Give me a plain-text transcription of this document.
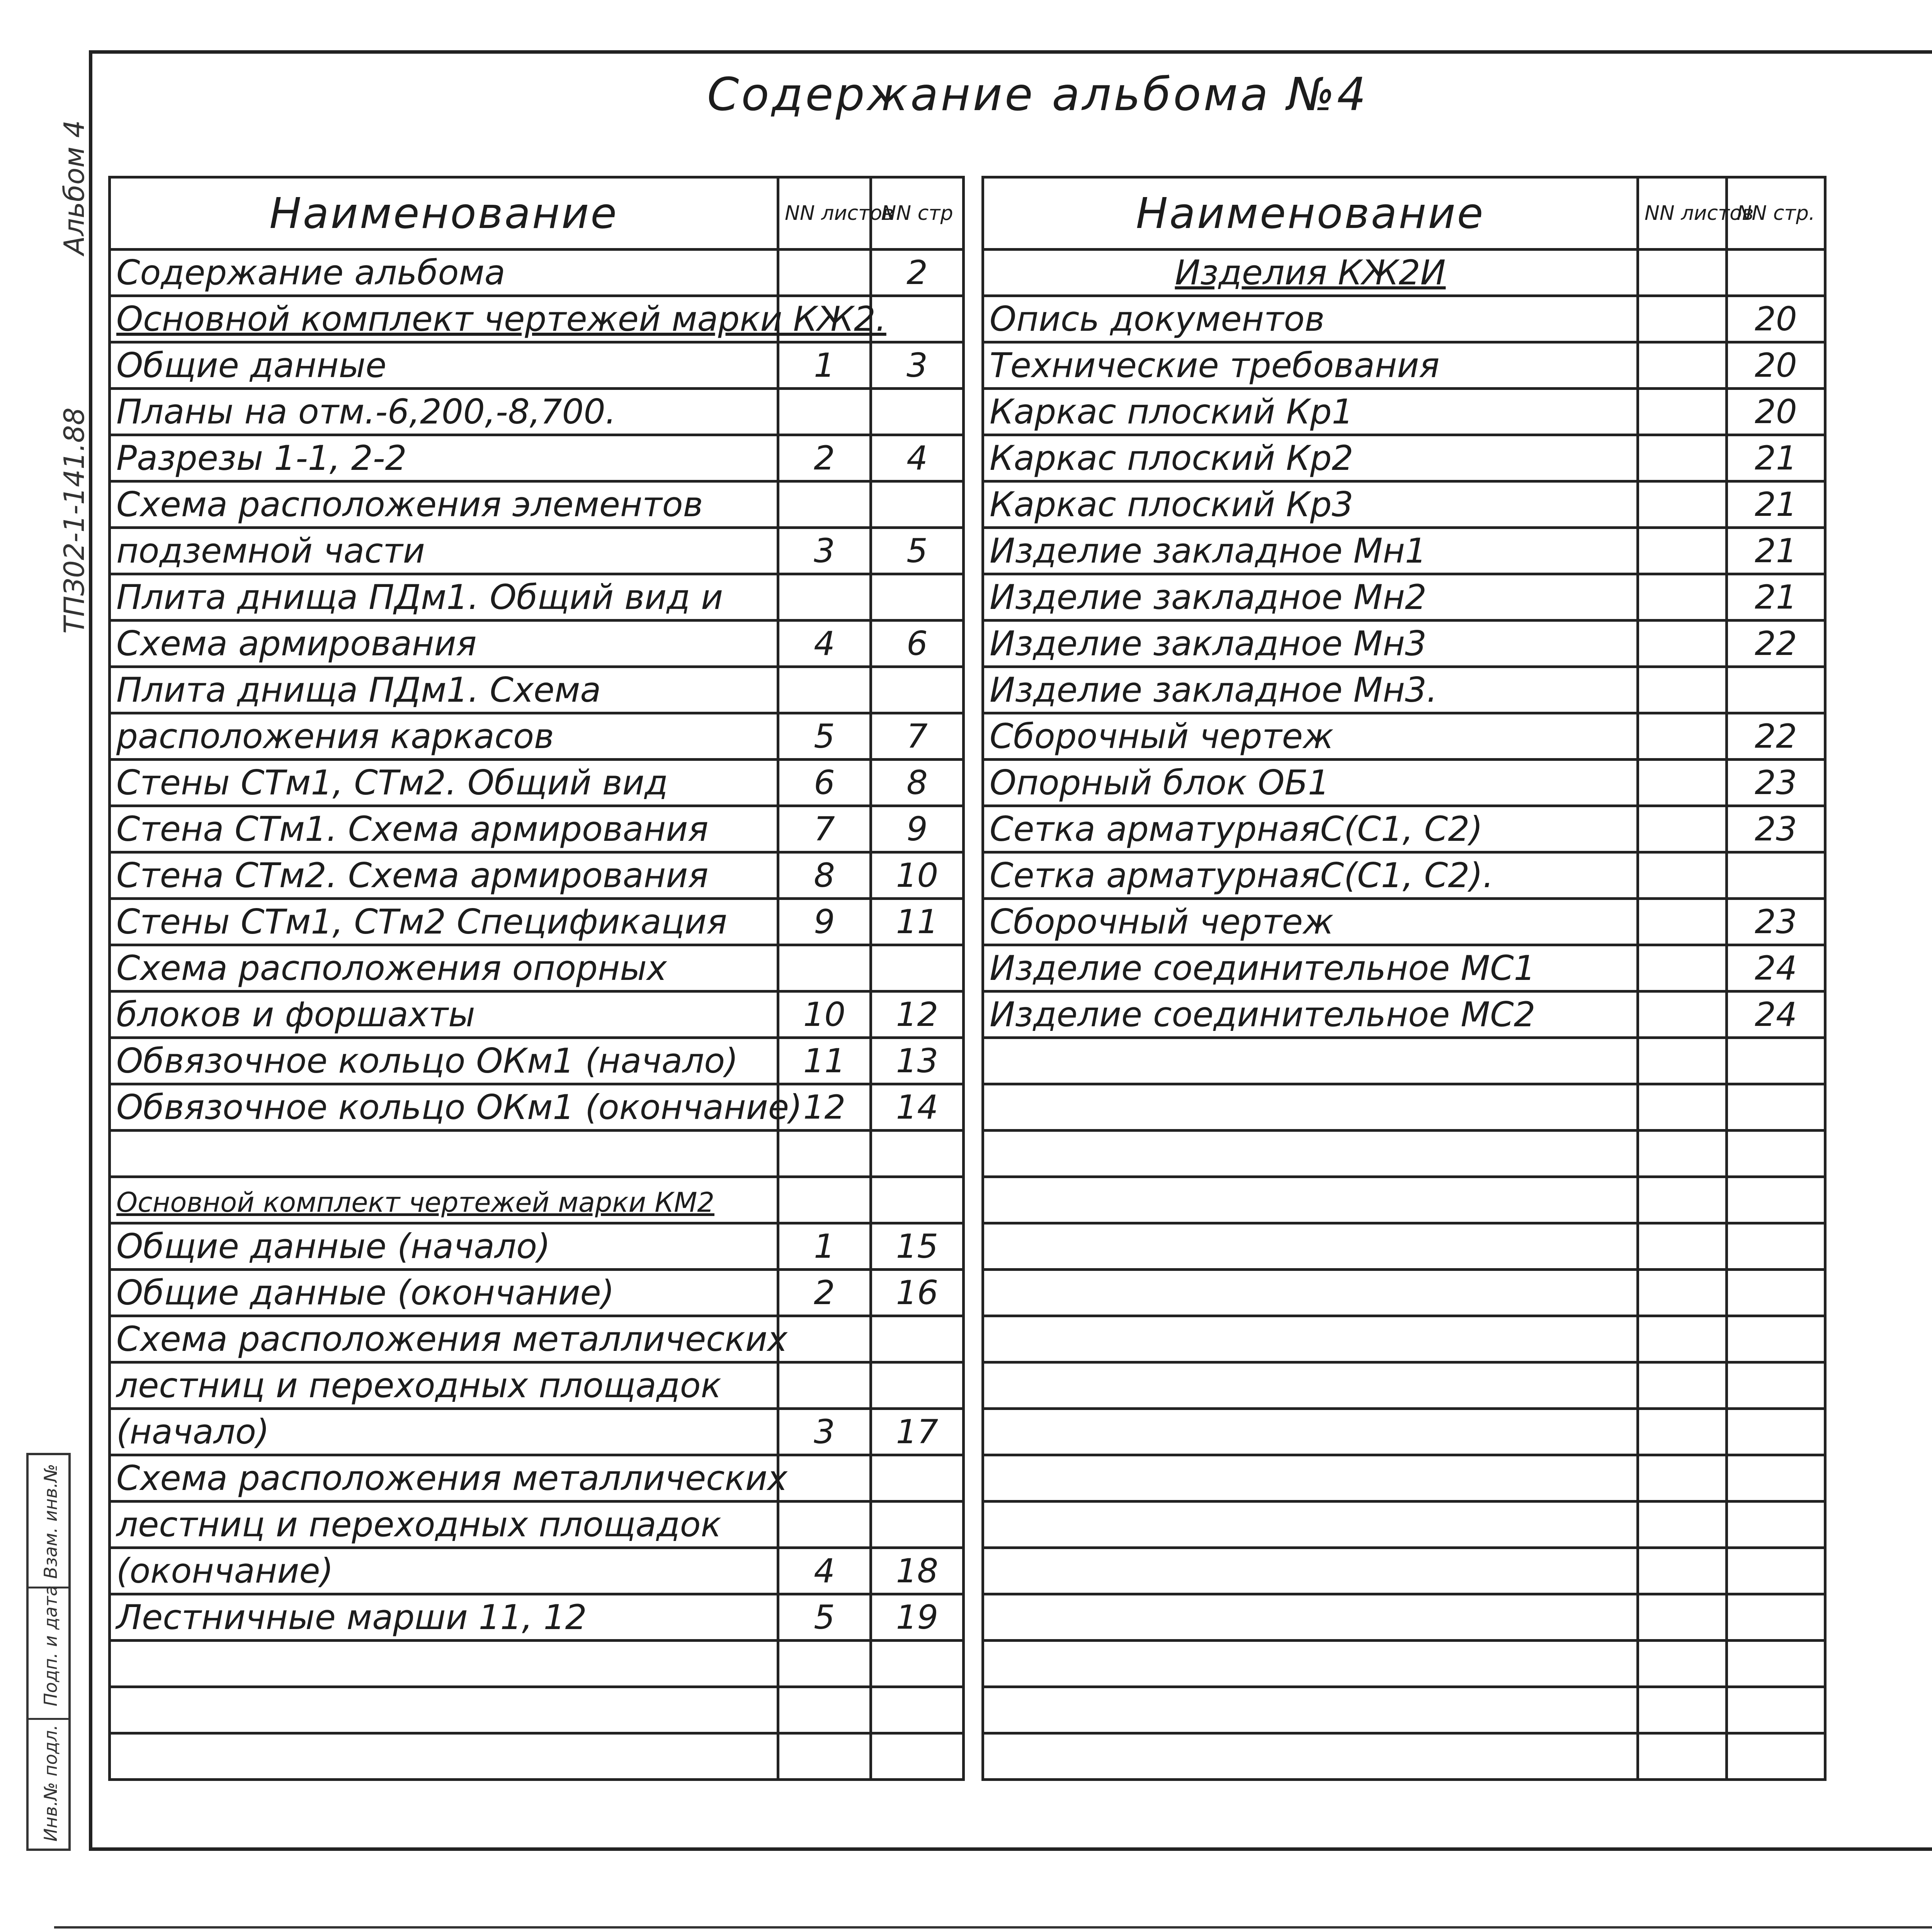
Альбом 4
ТПЗ02-1-141.88
Содержание альбома №4
Наименование	NN листов	NN стр
Содержание альбома		2
Основной комплект чертежей марки КЖ2.		
Общие данные	1	3
Планы на отм.-6,200,-8,700.		
Разрезы 1-1, 2-2	2	4
Схема расположения элементов		
подземной части	3	5
Плита днища ПДм1. Общий вид и		
Схема армирования	4	6
Плита днища ПДм1. Схема		
расположения каркасов	5	7
Стены СТм1, СТм2. Общий вид	6	8
Стена СТм1. Схема армирования	7	9
Стена СТм2. Схема армирования	8	10
Стены СТм1, СТм2 Спецификация	9	11
Схема расположения опорных		
блоков и форшахты	10	12
Обвязочное кольцо ОКм1 (начало)	11	13
Обвязочное кольцо ОКм1 (окончание)	12	14

Основной комплект чертежей марки КМ2		
Общие данные (начало)	1	15
Общие данные (окончание)	2	16
Схема расположения металлических		
лестниц и переходных площадок		
(начало)	3	17
Схема расположения металлических		
лестниц и переходных площадок		
(окончание)	4	18
Лестничные марши 11, 12	5	19

Наименование	NN листов	NN стр.
Изделия КЖ2И		
Опись документов		20
Технические требования		20
Каркас плоский Кр1		20
Каркас плоский Кр2		21
Каркас плоский Кр3		21
Изделие закладное Мн1		21
Изделие закладное Мн2		21
Изделие закладное Мн3		22
Изделие закладное Мн3.		
Сборочный чертеж		22
Опорный блок ОБ1		23
Сетка арматурнаяС(С1, С2)		23
Сетка арматурнаяС(С1, С2).		
Сборочный чертеж		23
Изделие соединительное МС1		24
Изделие соединительное МС2		24

Инв.№ подл.
Подп. и дата
Взам. инв.№
